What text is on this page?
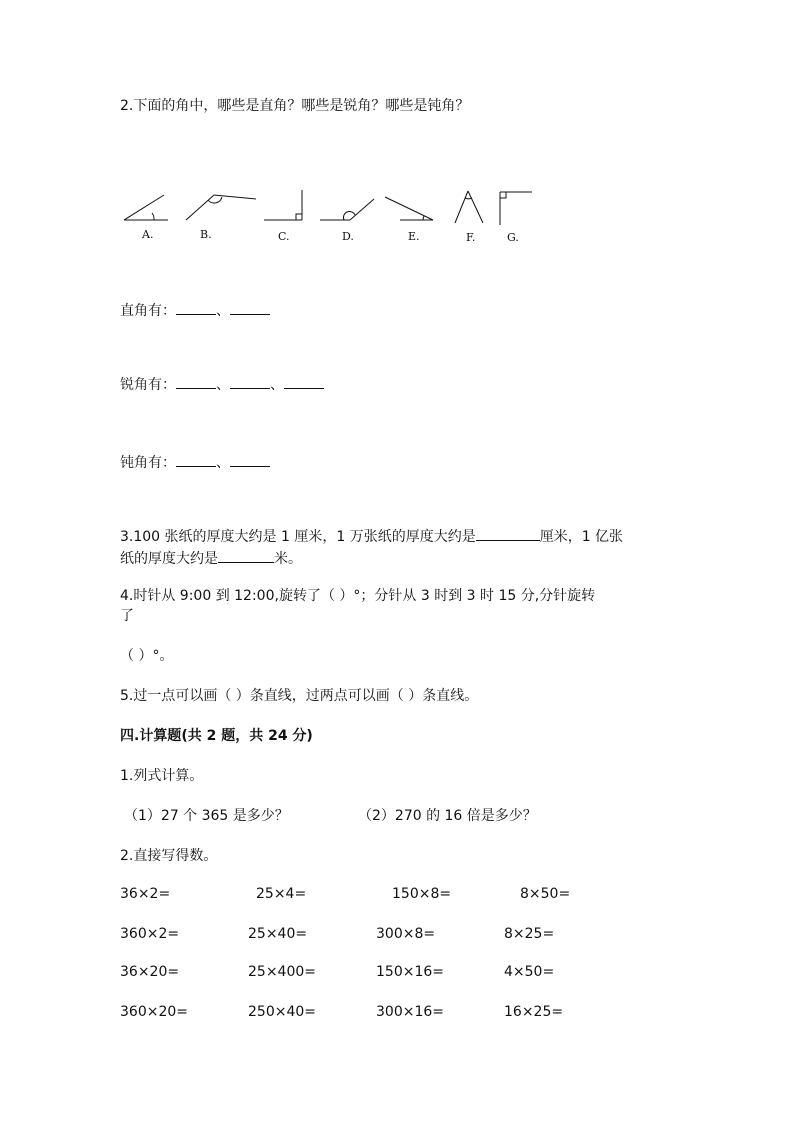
2.下面的角中，哪些是直角？哪些是锐角？哪些是钝角？
A.	B.	C.	D.	E.	F.	G.
直角有：	、
锐角有：	、	、
钝角有：	、
3.100 张纸的厚度大约是 1 厘米，1 万张纸的厚度大约是	厘米，1 亿张
纸的厚度大约是	米。
4.时针从 9:00 到 12:00,旋转了（ ）°；分针从 3 时到 3 时 15 分,分针旋转
了
（ ）°。
5.过一点可以画（ ）条直线，过两点可以画（ ）条直线。
四.计算题(共 2 题，共 24 分)
1.列式计算。
（1）27 个 365 是多少？	（2）270 的 16 倍是多少？
2.直接写得数。
36×2=	25×4=	150×8=	8×50=
360×2=	25×40=	300×8=	8×25=
36×20=	25×400=	150×16=	4×50=
360×20=	250×40=	300×16=	16×25=
